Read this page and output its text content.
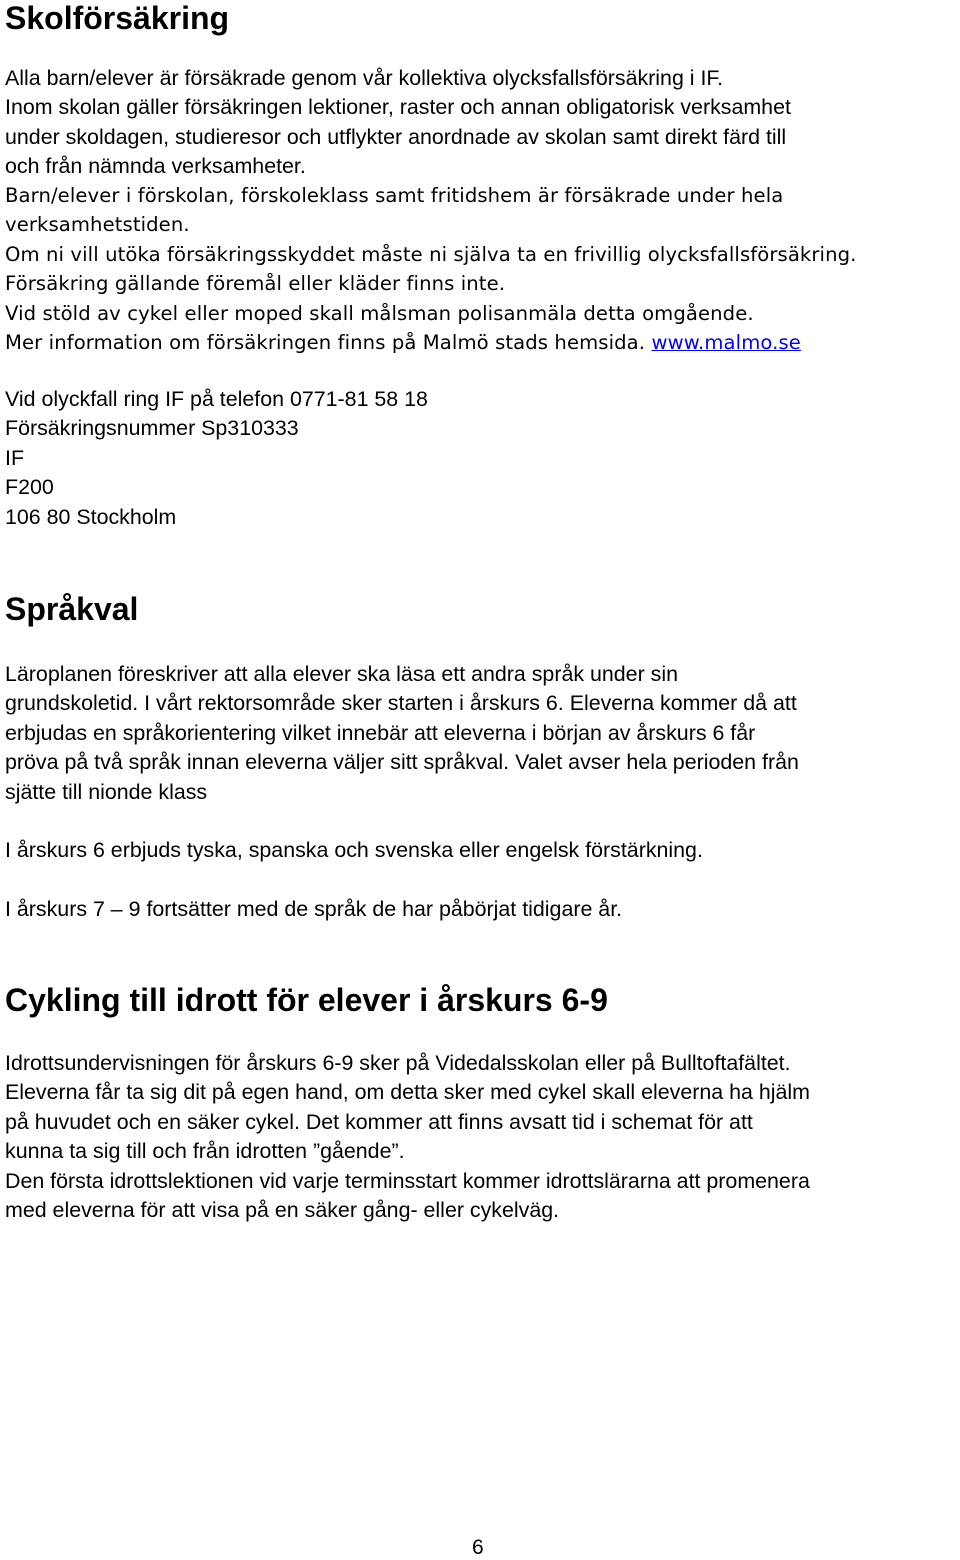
Skolförsäkring

Alla barn/elever är försäkrade genom vår kollektiva olycksfallsförsäkring i IF.
Inom skolan gäller försäkringen lektioner, raster och annan obligatorisk verksamhet
under skoldagen, studieresor och utflykter anordnade av skolan samt direkt färd till
och från nämnda verksamheter.

Barn/elever i förskolan, förskoleklass samt fritidshem är försäkrade under hela
verksamhetstiden.
Om ni vill utöka försäkringsskyddet måste ni själva ta en frivillig olycksfallsförsäkring.
Försäkring gällande föremål eller kläder finns inte.
Vid stöld av cykel eller moped skall målsman polisanmäla detta omgående.
Mer information om försäkringen finns på Malmö stads hemsida. www.malmo.se

Vid olyckfall ring IF på telefon 0771-81 58 18
Försäkringsnummer Sp310333
IF
F200
106 80 Stockholm

Språkval

Läroplanen föreskriver att alla elever ska läsa ett andra språk under sin
grundskoletid. I vårt rektorsområde sker starten i årskurs 6. Eleverna kommer då att
erbjudas en språkorientering vilket innebär att eleverna i början av årskurs 6 får
pröva på två språk innan eleverna väljer sitt språkval. Valet avser hela perioden från
sjätte till nionde klass

I årskurs 6 erbjuds tyska, spanska och svenska eller engelsk förstärkning.

I årskurs 7 – 9 fortsätter med de språk de har påbörjat tidigare år.

Cykling till idrott för elever i årskurs 6-9

Idrottsundervisningen för årskurs 6-9 sker på Videdalsskolan eller på Bulltoftafältet.
Eleverna får ta sig dit på egen hand, om detta sker med cykel skall eleverna ha hjälm
på huvudet och en säker cykel. Det kommer att finns avsatt tid i schemat för att
kunna ta sig till och från idrotten ”gående”.
Den första idrottslektionen vid varje terminsstart kommer idrottslärarna att promenera
med eleverna för att visa på en säker gång- eller cykelväg.

6
